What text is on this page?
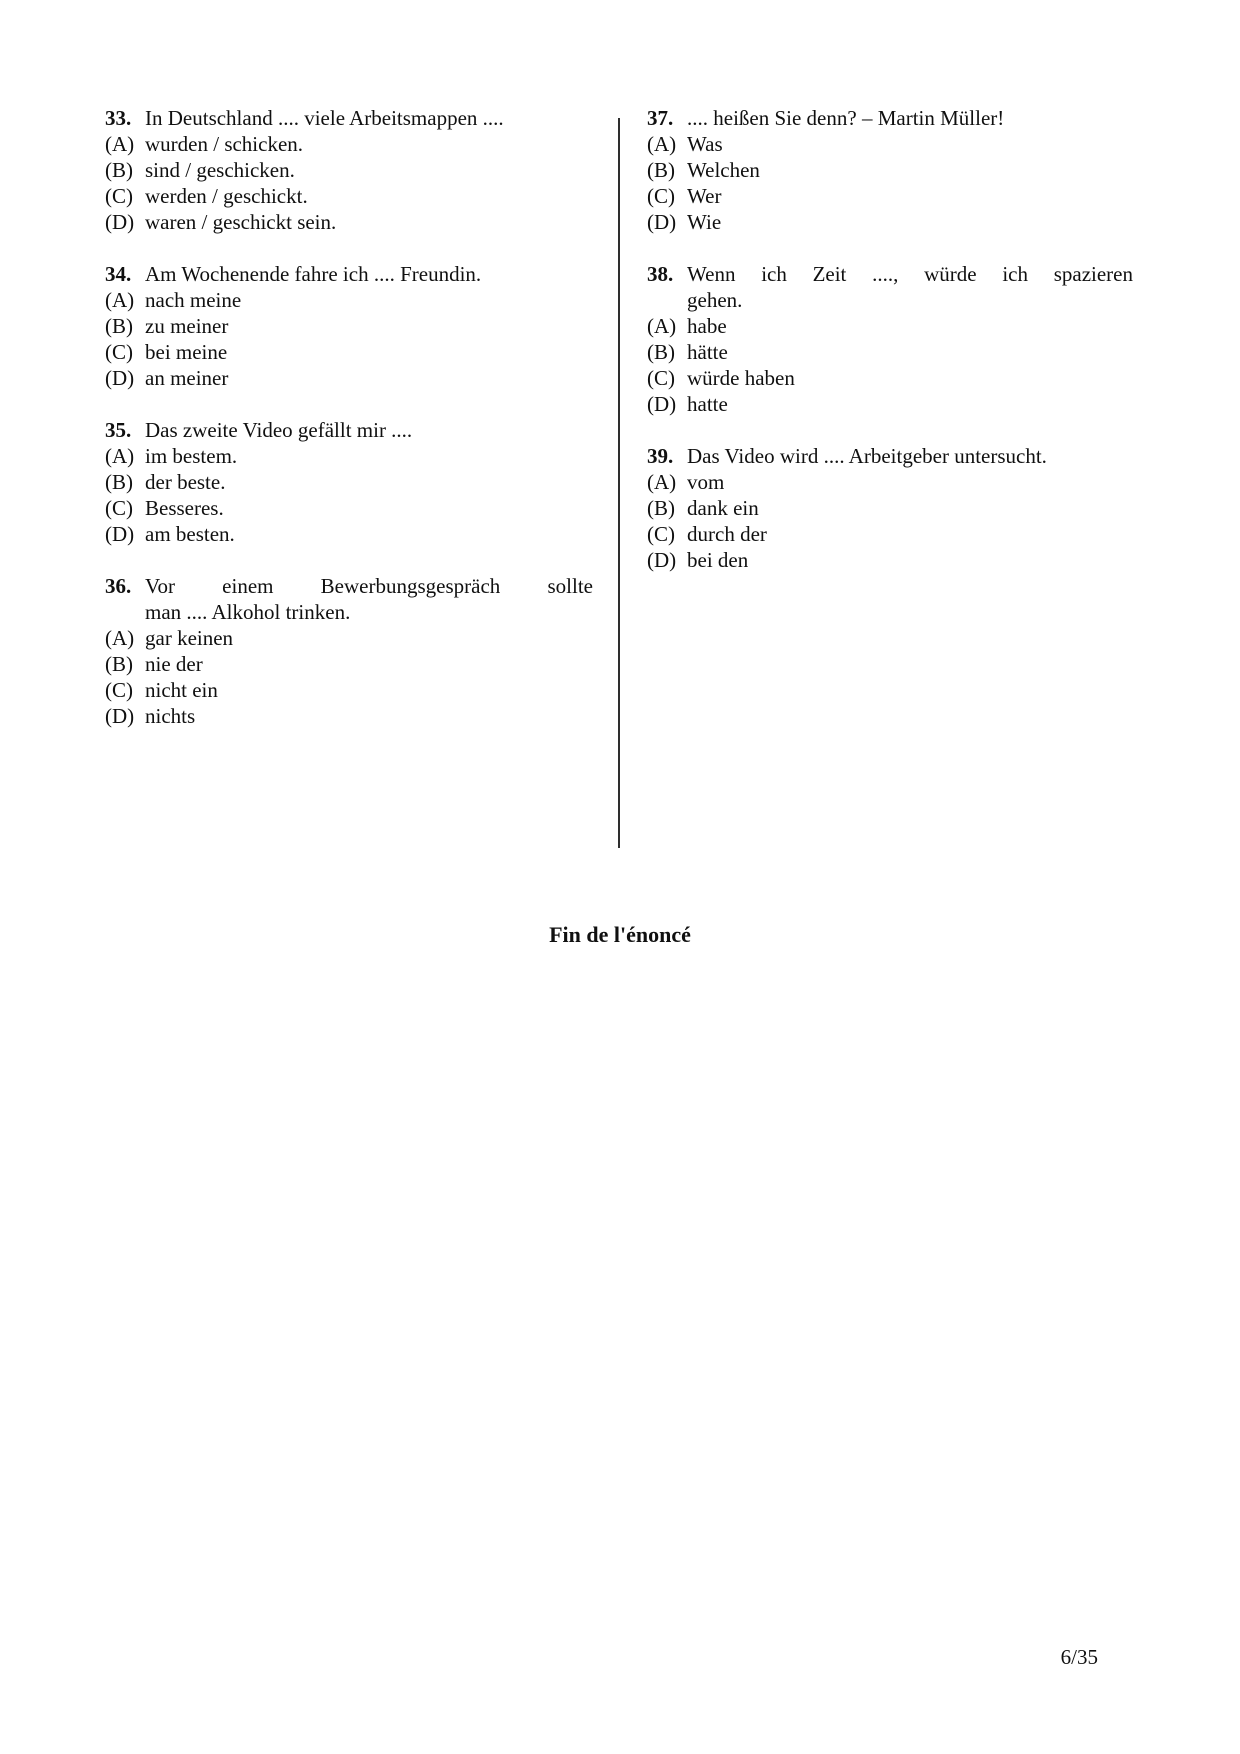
33. In Deutschland .... viele Arbeitsmappen ....
(A) wurden / schicken.
(B) sind / geschicken.
(C) werden / geschickt.
(D) waren / geschickt sein.
34. Am Wochenende fahre ich .... Freundin.
(A) nach meine
(B) zu meiner
(C) bei meine
(D) an meiner
35. Das zweite Video gefällt mir ....
(A) im bestem.
(B) der beste.
(C) Besseres.
(D) am besten.
36. Vor einem Bewerbungsgespräch sollte
man .... Alkohol trinken.
(A) gar keinen
(B) nie der
(C) nicht ein
(D) nichts
37. .... heißen Sie denn? – Martin Müller!
(A) Was
(B) Welchen
(C) Wer
(D) Wie
38. Wenn ich Zeit ...., würde ich spazieren
gehen.
(A) habe
(B) hätte
(C) würde haben
(D) hatte
39. Das Video wird .... Arbeitgeber untersucht.
(A) vom
(B) dank ein
(C) durch der
(D) bei den
Fin de l'énoncé
6/35
